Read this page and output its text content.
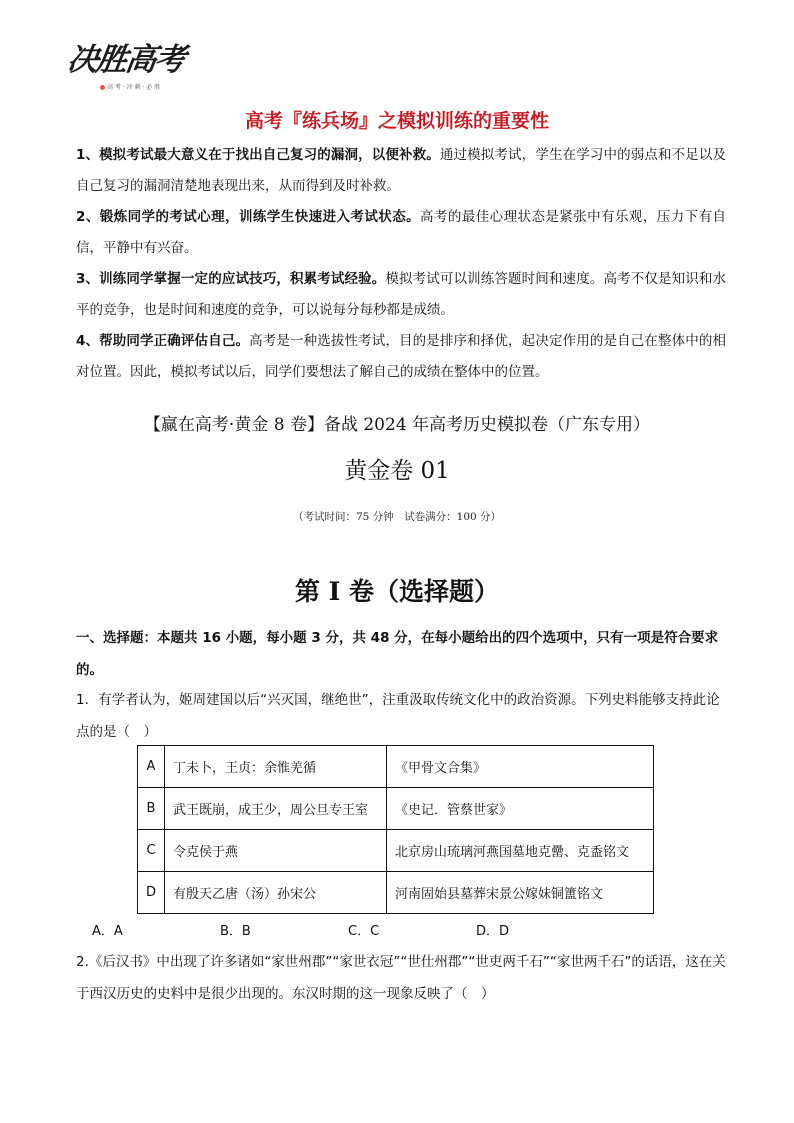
决胜高考
高 考 · 冲 刺 · 必 胜
高考『练兵场』之模拟训练的重要性
1、模拟考试最大意义在于找出自己复习的漏洞，以便补救。通过模拟考试，学生在学习中的弱点和不足以及自己复习的漏洞清楚地表现出来，从而得到及时补救。
2、锻炼同学的考试心理，训练学生快速进入考试状态。高考的最佳心理状态是紧张中有乐观，压力下有自信，平静中有兴奋。
3、训练同学掌握一定的应试技巧，积累考试经验。模拟考试可以训练答题时间和速度。高考不仅是知识和水平的竞争，也是时间和速度的竞争，可以说每分每秒都是成绩。
4、帮助同学正确评估自己。高考是一种选拔性考试，目的是排序和择优，起决定作用的是自己在整体中的相对位置。因此，模拟考试以后，同学们要想法了解自己的成绩在整体中的位置。
【赢在高考·黄金 8 卷】备战 2024 年高考历史模拟卷（广东专用）
黄金卷 01
（考试时间：75 分钟　试卷满分：100 分）
第 I 卷（选择题）
一、选择题：本题共 16 小题，每小题 3 分，共 48 分，在每小题给出的四个选项中，只有一项是符合要求的。
1．有学者认为，姬周建国以后“兴灭国，继绝世”，注重汲取传统文化中的政治资源。下列史料能够支持此论点的是（　）
A	丁未卜，王贞：余惟羌循	《甲骨文合集》
B	武王既崩，成王少，周公旦专王室	《史记．管蔡世家》
C	令克侯于燕	北京房山琉璃河燕国墓地克罍、克盉铭文
D	有殷天乙唐（汤）孙宋公	河南固始县墓葬宋景公嫁妹铜簠铭文
A．A	B．B	C．C	D．D
2.《后汉书》中出现了许多诸如“家世州郡”“家世衣冠”“世仕州郡”“世吏两千石”“家世两千石”的话语，这在关于西汉历史的史料中是很少出现的。东汉时期的这一现象反映了（　）
